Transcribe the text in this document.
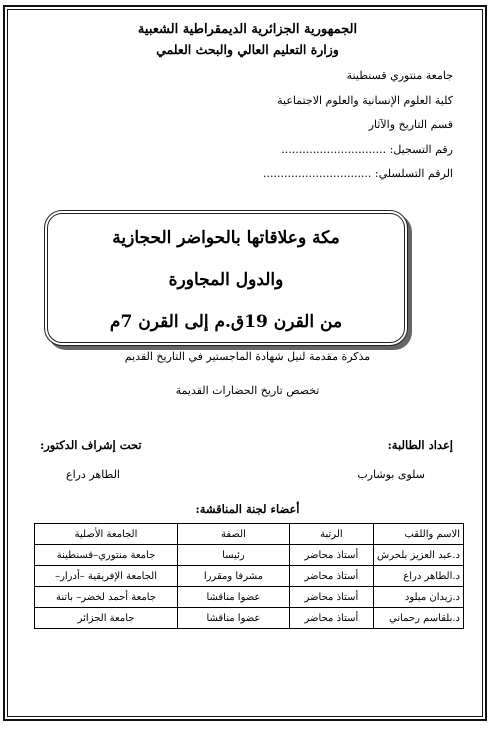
الجمهورية الجزائرية الديمقراطية الشعبية
وزارة التعليم العالي والبحث العلمي
جامعة منتوري قسنطينة
كلية العلوم الإنسانية والعلوم الاجتماعية
قسم التاريخ والآثار
رقم التسجيل: ..............................
الرقم التسلسلي: ...............................
مكة وعلاقاتها بالحواضر الحجازية
والدول المجاورة
من القرن 19ق.م إلى القرن 7م
مذكرة مقدمة لنيل شهادة الماجستير في التاريخ القديم
تخصص تاريخ الحضارات القديمة
إعداد الطالبة:
تحت إشراف الدكتور:
سلوى بوشارب
الطاهر دراع
أعضاء لجنة المناقشة:
الاسم واللقب	الرتبة	الصفة	الجامعة الأصلية
د.عبد العزيز بلحرش	أستاذ محاضر	رئيسا	جامعة منتوري–قسنطينة
د.الطاهر دراع	أستاذ محاضر	مشرفا ومقررا	الجامعة الإفريقية –أدرار–
د.زيدان ميلود	أستاذ محاضر	عضوا مناقشا	جامعة أحمد لخضر– باتنة
د.بلقاسم رحماني	أستاذ محاضر	عضوا مناقشا	جامعة الجزائر
